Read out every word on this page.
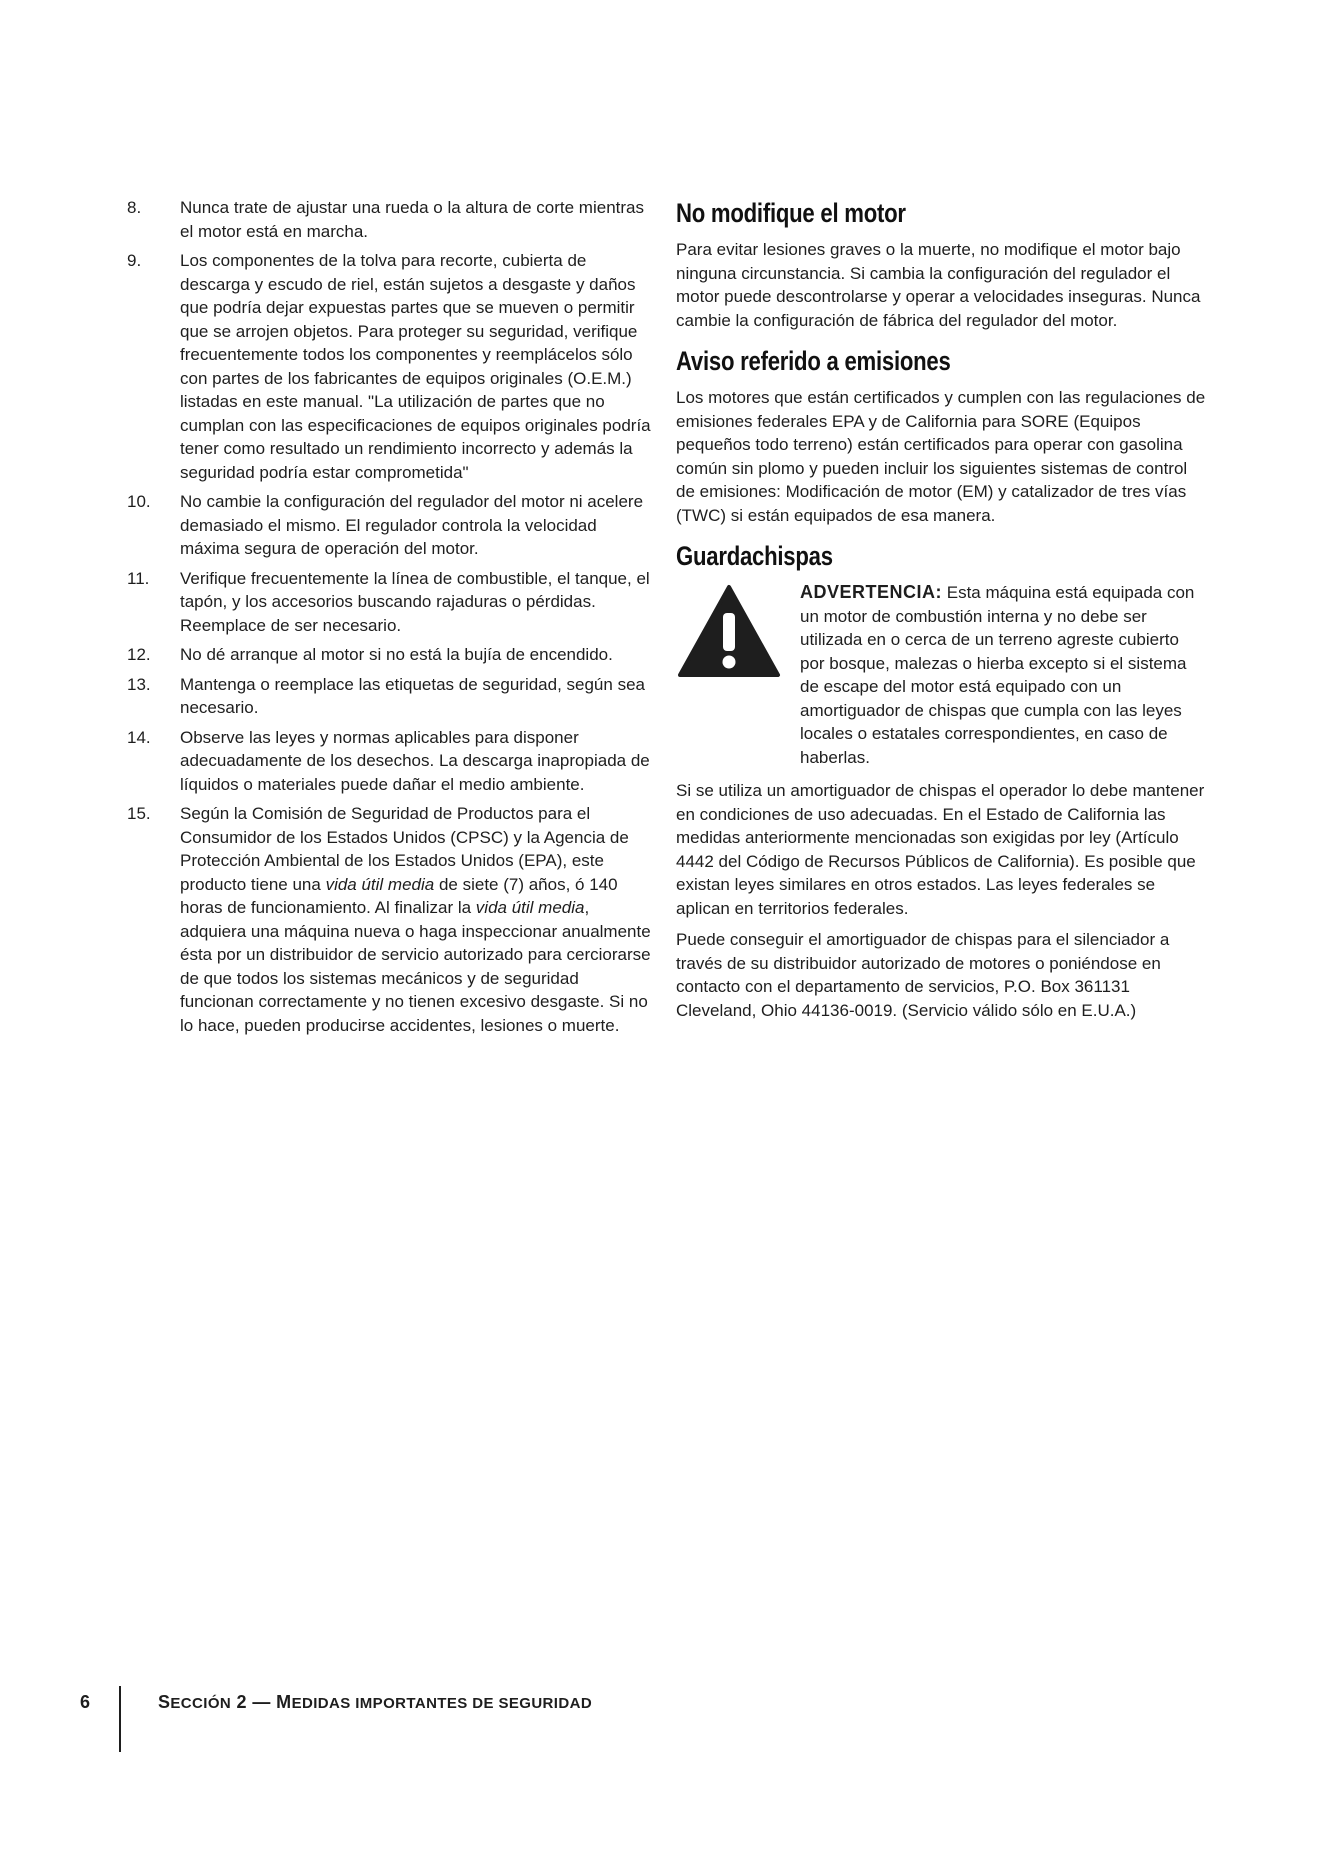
8.	Nunca trate de ajustar una rueda o la altura de corte mientras el motor está en marcha.
9.	Los componentes de la tolva para recorte, cubierta de descarga y escudo de riel, están sujetos a desgaste y daños que podría dejar expuestas partes que se mueven o permitir que se arrojen objetos. Para proteger su seguridad, verifique frecuentemente todos los componentes y reemplácelos sólo con partes de los fabricantes de equipos originales (O.E.M.) listadas en este manual. "La utilización de partes que no cumplan con las especificaciones de equipos originales podría tener como resultado un rendimiento incorrecto y además la seguridad podría estar comprometida"
10.	No cambie la configuración del regulador del motor ni acelere demasiado el mismo. El regulador controla la velocidad máxima segura de operación del motor.
11.	Verifique frecuentemente la línea de combustible, el tanque, el tapón, y los accesorios buscando rajaduras o pérdidas. Reemplace de ser necesario.
12.	No dé arranque al motor si no está la bujía de encendido.
13.	Mantenga o reemplace las etiquetas de seguridad, según sea necesario.
14.	Observe las leyes y normas aplicables para disponer adecuadamente de los desechos. La descarga inapropiada de líquidos o materiales puede dañar el medio ambiente.
15.	Según la Comisión de Seguridad de Productos para el Consumidor de los Estados Unidos (CPSC) y la Agencia de Protección Ambiental de los Estados Unidos (EPA), este producto tiene una vida útil media de siete (7) años, ó 140 horas de funcionamiento. Al finalizar la vida útil media, adquiera una máquina nueva o haga inspeccionar anualmente ésta por un distribuidor de servicio autorizado para cerciorarse de que todos los sistemas mecánicos y de seguridad funcionan correctamente y no tienen excesivo desgaste. Si no lo hace, pueden producirse accidentes, lesiones o muerte.
No modifique el motor

Para evitar lesiones graves o la muerte, no modifique el motor bajo ninguna circunstancia. Si cambia la configuración del regulador el motor puede descontrolarse y operar a velocidades inseguras. Nunca cambie la configuración de fábrica del regulador del motor.

Aviso referido a emisiones

Los motores que están certificados y cumplen con las regulaciones de emisiones federales EPA y de California para SORE (Equipos pequeños todo terreno) están certificados para operar con gasolina común sin plomo y pueden incluir los siguientes sistemas de control de emisiones: Modificación de motor (EM) y catalizador de tres vías (TWC) si están equipados de esa manera.

Guardachispas
ADVERTENCIA: Esta máquina está equipada con un motor de combustión interna y no debe ser utilizada en o cerca de un terreno agreste cubierto por bosque, malezas o hierba excepto si el sistema de escape del motor está equipado con un amortiguador de chispas que cumpla con las leyes locales o estatales correspondientes, en caso de haberlas.

Si se utiliza un amortiguador de chispas el operador lo debe mantener en condiciones de uso adecuadas. En el Estado de California las medidas anteriormente mencionadas son exigidas por ley (Artículo 4442 del Código de Recursos Públicos de California). Es posible que existan leyes similares en otros estados. Las leyes federales se aplican en territorios federales.

Puede conseguir el amortiguador de chispas para el silenciador a través de su distribuidor autorizado de motores o poniéndose en contacto con el departamento de servicios, P.O. Box 361131 Cleveland, Ohio 44136-0019. (Servicio válido sólo en E.U.A.)

6	SECCIÓN 2 — MEDIDAS IMPORTANTES DE SEGURIDAD
